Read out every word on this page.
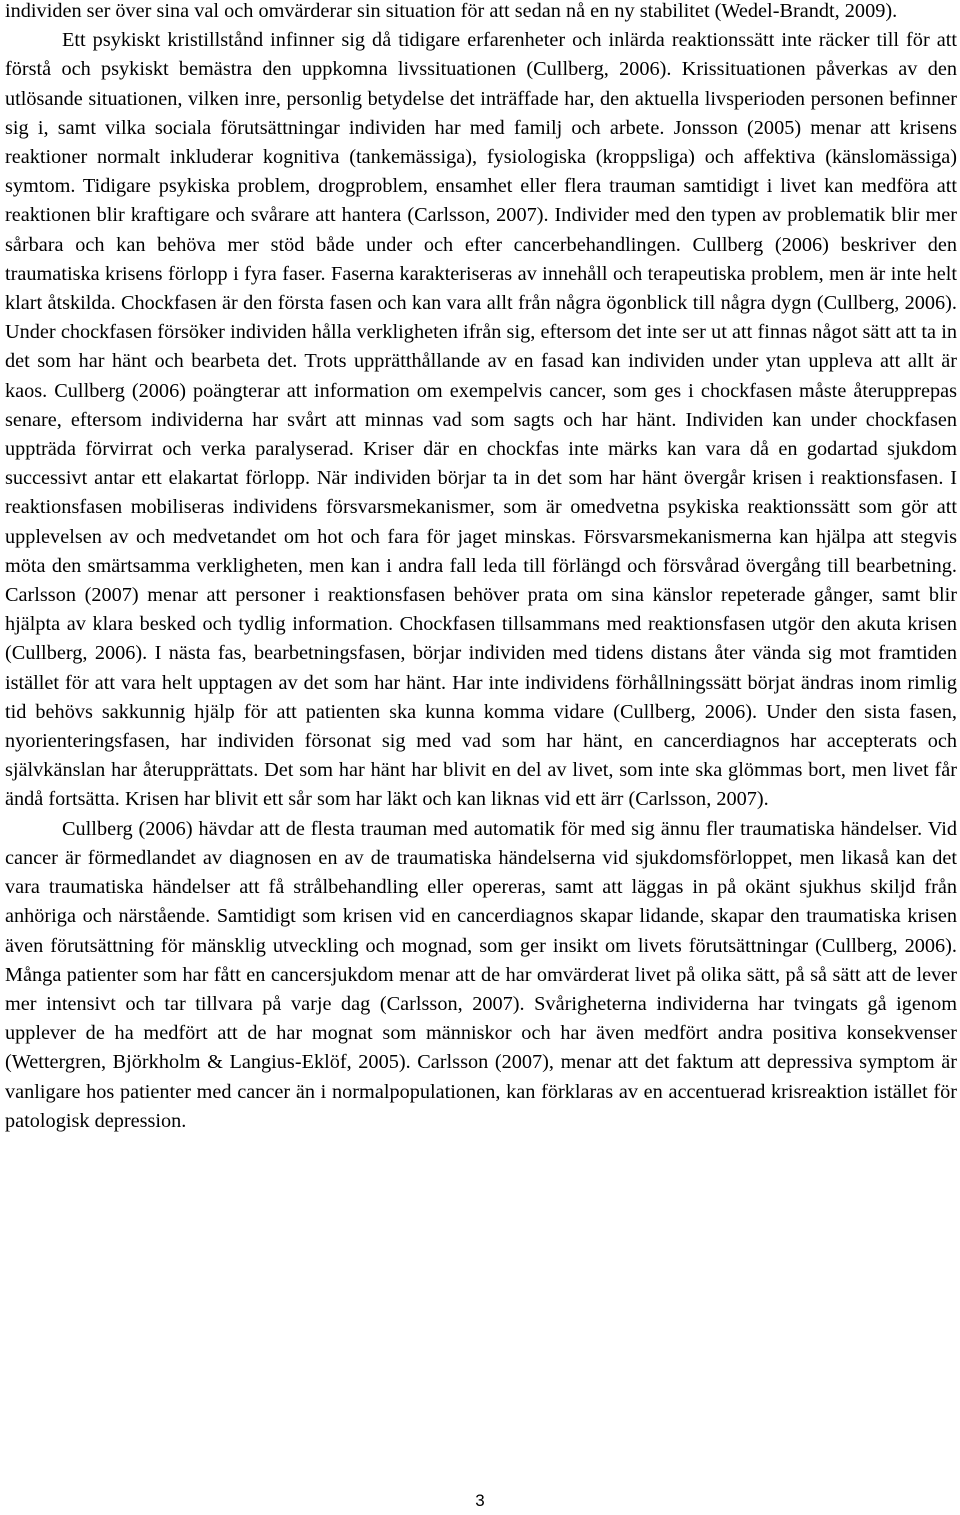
individen ser över sina val och omvärderar sin situation för att sedan nå en ny stabilitet (Wedel-Brandt, 2009).

Ett psykiskt kristillstånd infinner sig då tidigare erfarenheter och inlärda reaktionssätt inte räcker till för att förstå och psykiskt bemästra den uppkomna livssituationen (Cullberg, 2006). Krissituationen påverkas av den utlösande situationen, vilken inre, personlig betydelse det inträffade har, den aktuella livsperioden personen befinner sig i, samt vilka sociala förutsättningar individen har med familj och arbete. Jonsson (2005) menar att krisens reaktioner normalt inkluderar kognitiva (tankemässiga), fysiologiska (kroppsliga) och affektiva (känslomässiga) symtom. Tidigare psykiska problem, drogproblem, ensamhet eller flera trauman samtidigt i livet kan medföra att reaktionen blir kraftigare och svårare att hantera (Carlsson, 2007). Individer med den typen av problematik blir mer sårbara och kan behöva mer stöd både under och efter cancerbehandlingen. Cullberg (2006) beskriver den traumatiska krisens förlopp i fyra faser. Faserna karakteriseras av innehåll och terapeutiska problem, men är inte helt klart åtskilda. Chockfasen är den första fasen och kan vara allt från några ögonblick till några dygn (Cullberg, 2006). Under chockfasen försöker individen hålla verkligheten ifrån sig, eftersom det inte ser ut att finnas något sätt att ta in det som har hänt och bearbeta det. Trots upprätthållande av en fasad kan individen under ytan uppleva att allt är kaos. Cullberg (2006) poängterar att information om exempelvis cancer, som ges i chockfasen måste återupprepas senare, eftersom individerna har svårt att minnas vad som sagts och har hänt. Individen kan under chockfasen uppträda förvirrat och verka paralyserad. Kriser där en chockfas inte märks kan vara då en godartad sjukdom successivt antar ett elakartat förlopp. När individen börjar ta in det som har hänt övergår krisen i reaktionsfasen. I reaktionsfasen mobiliseras individens försvarsmekanismer, som är omedvetna psykiska reaktionssätt som gör att upplevelsen av och medvetandet om hot och fara för jaget minskas. Försvarsmekanismerna kan hjälpa att stegvis möta den smärtsamma verkligheten, men kan i andra fall leda till förlängd och försvårad övergång till bearbetning. Carlsson (2007) menar att personer i reaktionsfasen behöver prata om sina känslor repeterade gånger, samt blir hjälpta av klara besked och tydlig information. Chockfasen tillsammans med reaktionsfasen utgör den akuta krisen (Cullberg, 2006). I nästa fas, bearbetningsfasen, börjar individen med tidens distans åter vända sig mot framtiden istället för att vara helt upptagen av det som har hänt. Har inte individens förhållningssätt börjat ändras inom rimlig tid behövs sakkunnig hjälp för att patienten ska kunna komma vidare (Cullberg, 2006). Under den sista fasen, nyorienteringsfasen, har individen försonat sig med vad som har hänt, en cancerdiagnos har accepterats och självkänslan har återupprättats. Det som har hänt har blivit en del av livet, som inte ska glömmas bort, men livet får ändå fortsätta. Krisen har blivit ett sår som har läkt och kan liknas vid ett ärr (Carlsson, 2007).

Cullberg (2006) hävdar att de flesta trauman med automatik för med sig ännu fler traumatiska händelser. Vid cancer är förmedlandet av diagnosen en av de traumatiska händelserna vid sjukdomsförloppet, men likaså kan det vara traumatiska händelser att få strålbehandling eller opereras, samt att läggas in på okänt sjukhus skiljd från anhöriga och närstående. Samtidigt som krisen vid en cancerdiagnos skapar lidande, skapar den traumatiska krisen även förutsättning för mänsklig utveckling och mognad, som ger insikt om livets förutsättningar (Cullberg, 2006). Många patienter som har fått en cancersjukdom menar att de har omvärderat livet på olika sätt, på så sätt att de lever mer intensivt och tar tillvara på varje dag (Carlsson, 2007). Svårigheterna individerna har tvingats gå igenom upplever de ha medfört att de har mognat som människor och har även medfört andra positiva konsekvenser (Wettergren, Björkholm & Langius-Eklöf, 2005). Carlsson (2007), menar att det faktum att depressiva symptom är vanligare hos patienter med cancer än i normalpopulationen, kan förklaras av en accentuerad krisreaktion istället för patologisk depression.

3
